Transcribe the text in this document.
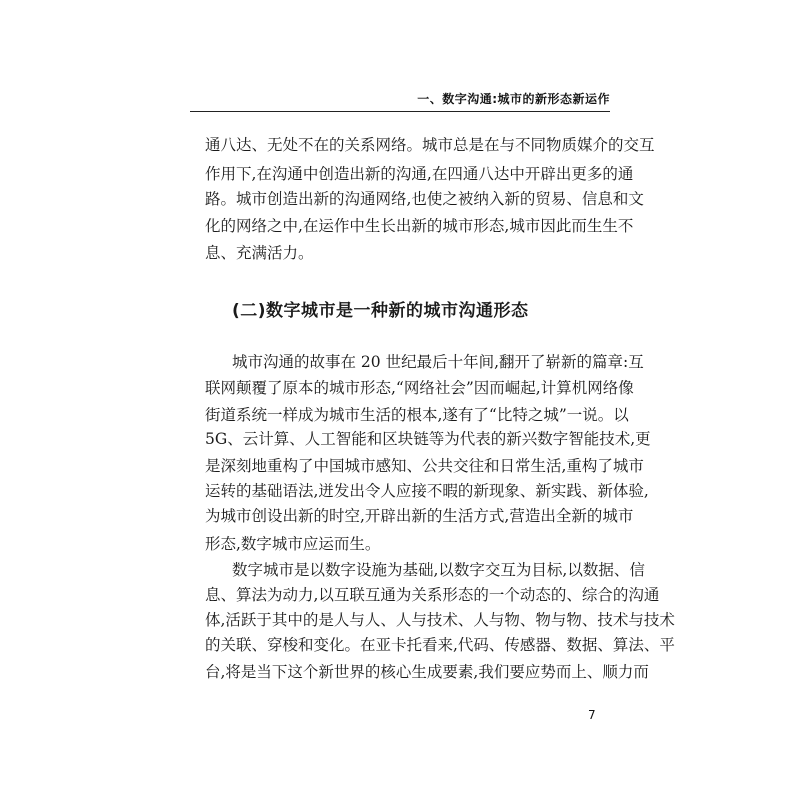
一、数字沟通:城市的新形态新运作
通八达、无处不在的关系网络。城市总是在与不同物质媒介的交互
作用下,在沟通中创造出新的沟通,在四通八达中开辟出更多的通
路。城市创造出新的沟通网络,也使之被纳入新的贸易、信息和文
化的网络之中,在运作中生长出新的城市形态,城市因此而生生不
息、充满活力。
(二)数字城市是一种新的城市沟通形态
城市沟通的故事在 20 世纪最后十年间,翻开了崭新的篇章:互
联网颠覆了原本的城市形态,“网络社会”因而崛起,计算机网络像
街道系统一样成为城市生活的根本,遂有了“比特之城”一说。以
5G、云计算、人工智能和区块链等为代表的新兴数字智能技术,更
是深刻地重构了中国城市感知、公共交往和日常生活,重构了城市
运转的基础语法,迸发出令人应接不暇的新现象、新实践、新体验,
为城市创设出新的时空,开辟出新的生活方式,营造出全新的城市
形态,数字城市应运而生。
数字城市是以数字设施为基础,以数字交互为目标,以数据、信
息、算法为动力,以互联互通为关系形态的一个动态的、综合的沟通
体,活跃于其中的是人与人、人与技术、人与物、物与物、技术与技术
的关联、穿梭和变化。在亚卡托看来,代码、传感器、数据、算法、平
台,将是当下这个新世界的核心生成要素,我们要应势而上、顺力而
7
